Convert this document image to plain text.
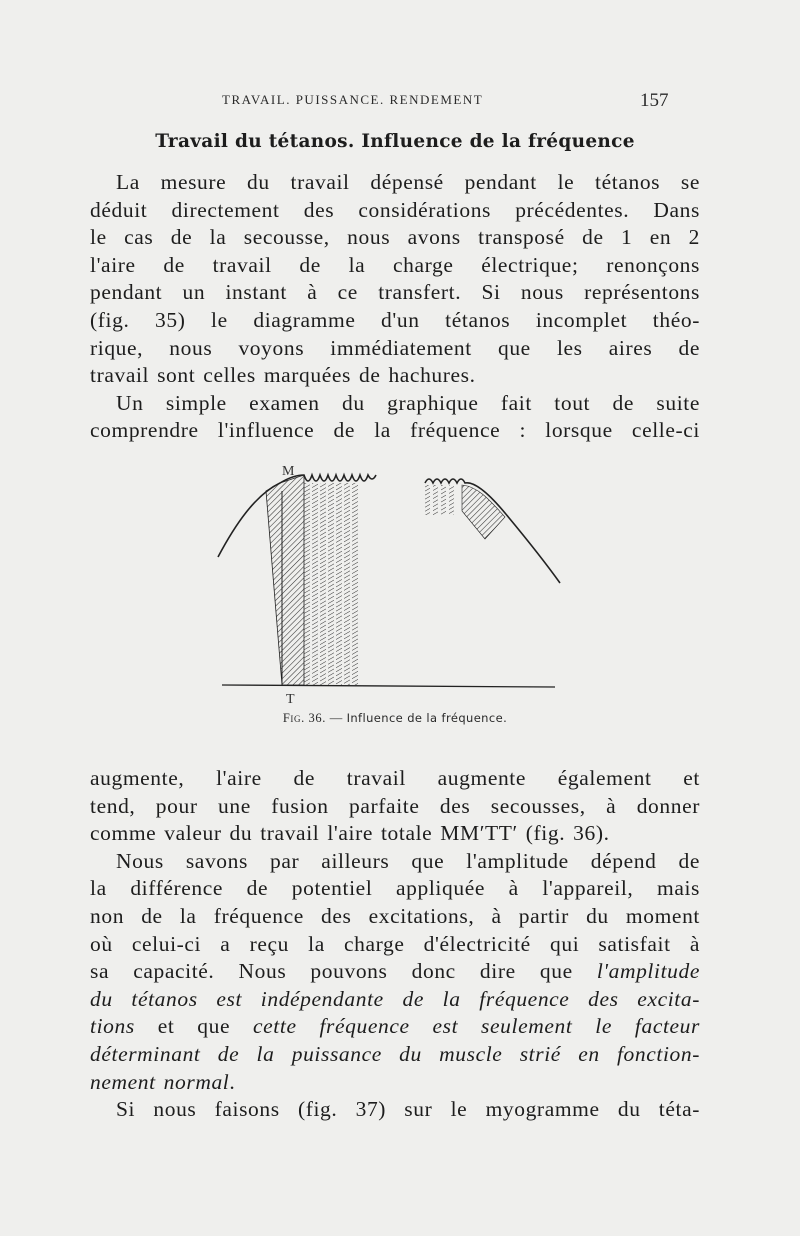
TRAVAIL. PUISSANCE. RENDEMENT	157
Travail du tétanos. Influence de la fréquence
La mesure du travail dépensé pendant le tétanos se
déduit directement des considérations précédentes. Dans
le cas de la secousse, nous avons transposé de 1 en 2
l'aire de travail de la charge électrique; renonçons
pendant un instant à ce transfert. Si nous représentons
(fig. 35) le diagramme d'un tétanos incomplet théo-
rique, nous voyons immédiatement que les aires de
travail sont celles marquées de hachures.
Un simple examen du graphique fait tout de suite
comprendre l'influence de la fréquence : lorsque celle-ci
M
T
Fig. 36. — Influence de la fréquence.
augmente, l'aire de travail augmente également et
tend, pour une fusion parfaite des secousses, à donner
comme valeur du travail l'aire totale MM′TT′ (fig. 36).
Nous savons par ailleurs que l'amplitude dépend de
la différence de potentiel appliquée à l'appareil, mais
non de la fréquence des excitations, à partir du moment
où celui-ci a reçu la charge d'électricité qui satisfait à
sa capacité. Nous pouvons donc dire que l'amplitude
du tétanos est indépendante de la fréquence des excita-
tions et que cette fréquence est seulement le facteur
déterminant de la puissance du muscle strié en fonction-
nement normal.
Si nous faisons (fig. 37) sur le myogramme du téta-
